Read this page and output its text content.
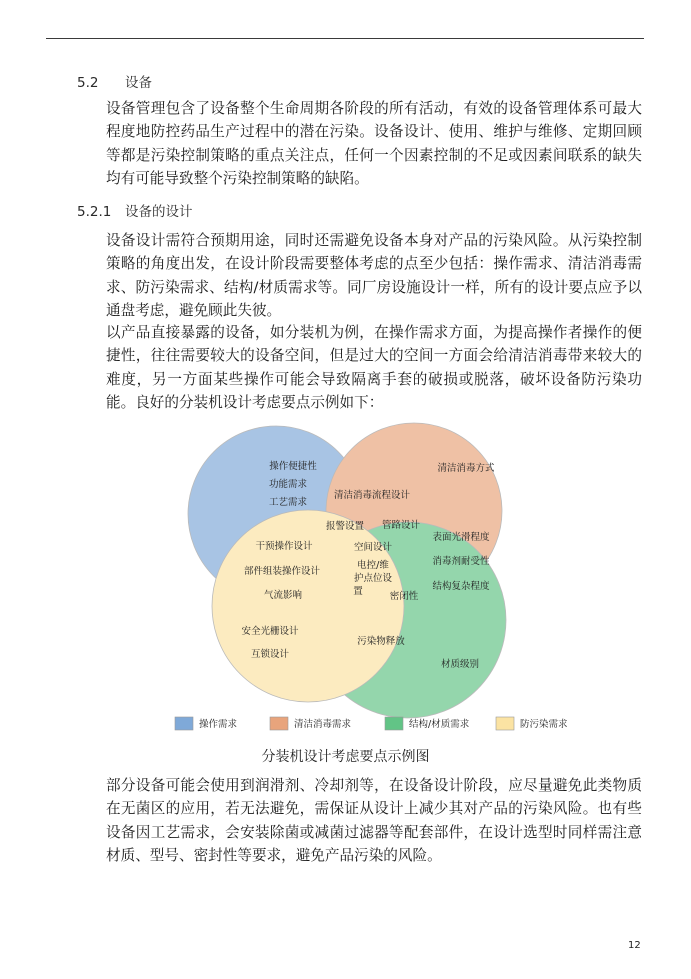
5.2 设备

设备管理包含了设备整个生命周期各阶段的所有活动，有效的设备管理体系可最大程度地防控药品生产过程中的潜在污染。设备设计、使用、维护与维修、定期回顾等都是污染控制策略的重点关注点，任何一个因素控制的不足或因素间联系的缺失均有可能导致整个污染控制策略的缺陷。

5.2.1 设备的设计

设备设计需符合预期用途，同时还需避免设备本身对产品的污染风险。从污染控制策略的角度出发，在设计阶段需要整体考虑的点至少包括：操作需求、清洁消毒需求、防污染需求、结构/材质需求等。同厂房设施设计一样，所有的设计要点应予以通盘考虑，避免顾此失彼。

以产品直接暴露的设备，如分装机为例，在操作需求方面，为提高操作者操作的便捷性，往往需要较大的设备空间，但是过大的空间一方面会给清洁消毒带来较大的难度，另一方面某些操作可能会导致隔离手套的破损或脱落，破坏设备防污染功能。良好的分装机设计考虑要点示例如下：

操作便捷性
功能需求
工艺需求
清洁消毒方式
清洁消毒流程设计
报警设置 管路设计
表面光滑程度
消毒剂耐受性
结构复杂程度
干预操作设计	空间设计
部件组装操作设计
电控/维
护点位设
置
气流影响	密闭性
安全光栅设计
互锁设计
污染物释放
材质级别
操作需求	清洁消毒需求	结构/材质需求	防污染需求
分装机设计考虑要点示例图

部分设备可能会使用到润滑剂、冷却剂等，在设备设计阶段，应尽量避免此类物质在无菌区的应用，若无法避免，需保证从设计上减少其对产品的污染风险。也有些设备因工艺需求，会安装除菌或减菌过滤器等配套部件，在设计选型时同样需注意材质、型号、密封性等要求，避免产品污染的风险。

12
